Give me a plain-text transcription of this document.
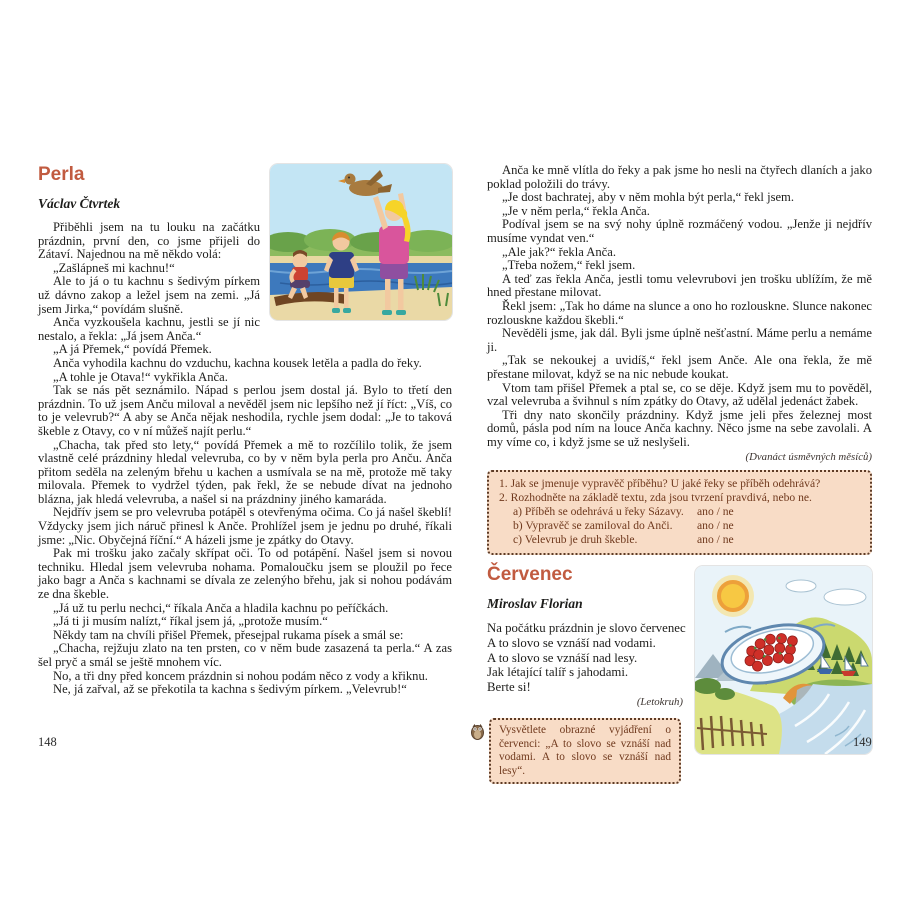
Perla
Václav Čtvrtek

Přiběhli jsem na tu louku na začátku prázdnin, první den, co jsme přijeli do Zátaví. Najednou na mě někdo volá:

„Zašlápneš mi kachnu!“

Ale to já o tu kachnu s šedivým pírkem už dávno zakop a ležel jsem na zemi. „Já jsem Jirka,“ povídám slušně.

Anča vyzkoušela kachnu, jestli se jí nic nestalo, a řekla: „Já jsem Anča.“

„A já Přemek,“ povídá Přemek.

Anča vyhodila kachnu do vzduchu, kachna kousek letěla a padla do řeky.

„A tohle je Otava!“ vykřikla Anča.

Tak se nás pět seznámilo. Nápad s perlou jsem dostal já. Bylo to třetí den prázdnin. To už jsem Anču miloval a nevěděl jsem nic lepšího než jí říct: „Víš, co to je velevrub?“ A aby se Anča nějak neshodila, rychle jsem dodal: „Je to taková škeble z Otavy, co v ní můžeš najít perlu.“

„Chacha, tak před sto lety,“ povídá Přemek a mě to rozčílilo tolik, že jsem vlastně celé prázdniny hledal velevruba, co by v něm byla perla pro Anču. Anča přitom seděla na zeleným břehu u kachen a usmívala se na mě, protože mě taky milovala. Přemek to vydržel týden, pak řekl, že se nebude dívat na jednoho blázna, jak hledá velevruba, a našel si na prázdniny jiného kamaráda.

Nejdřív jsem se pro velevruba potápěl s otevřenýma očima. Co já našel škeblí! Vždycky jsem jich náruč přinesl k Anče. Prohlížel jsem je jednu po druhé, říkali jsme: „Nic. Obyčejná říční.“ A házeli jsme je zpátky do Otavy.

Pak mi trošku jako začaly skřípat oči. To od potápění. Našel jsem si novou techniku. Hledal jsem velevruba nohama. Pomaloučku jsem se ploužil po řece jako bagr a Anča s kachnami se dívala ze zelenýho břehu, jak si nohou podávám ze dna škeble.

„Já už tu perlu nechci,“ říkala Anča a hladila kachnu po peříčkách.

„Já ti ji musím nalízt,“ říkal jsem já, „protože musím.“

Někdy tam na chvíli přišel Přemek, přesejpal rukama písek a smál se:

„Chacha, rejžuju zlato na ten prsten, co v něm bude zasazená ta perla.“ A zas šel pryč a smál se ještě mnohem víc.

No, a tři dny před koncem prázdnin si nohou podám něco z vody a křiknu.

Ne, já zařval, až se překotila ta kachna s šedivým pírkem. „Velevrub!“

Anča ke mně vlítla do řeky a pak jsme ho nesli na čtyřech dlaních a jako poklad položili do trávy.

„Je dost bachratej, aby v něm mohla být perla,“ řekl jsem.

„Je v něm perla,“ řekla Anča.

Podíval jsem se na svý nohy úplně rozmáčený vodou. „Jenže ji nejdřív musíme vyndat ven.“

„Ale jak?“ řekla Anča.

„Třeba nožem,“ řekl jsem.

A teď zas řekla Anča, jestli tomu velevrubovi jen trošku ublížím, že mě hned přestane milovat.

Řekl jsem: „Tak ho dáme na slunce a ono ho rozlouskne. Slunce nakonec rozlouskne každou škebli.“

Nevěděli jsme, jak dál. Byli jsme úplně nešťastní. Máme perlu a nemáme ji.

„Tak se nekoukej a uvidíš,“ řekl jsem Anče. Ale ona řekla, že mě přestane milovat, když se na nic nebude koukat.

Vtom tam přišel Přemek a ptal se, co se děje. Když jsem mu to pověděl, vzal velevruba a švihnul s ním zpátky do Otavy, až udělal jedenáct žabek.

Tři dny nato skončily prázdniny. Když jsme jeli přes železnej most domů, pásla pod ním na louce Anča kachny. Něco jsme na sebe zavolali. A my víme co, i když jsme se už neslyšeli.

(Dvanáct úsměvných měsíců)

1. Jak se jmenuje vypravěč příběhu? U jaké řeky se příběh odehrává?

2. Rozhodněte na základě textu, zda jsou tvrzení pravdivá, nebo ne.

a) Příběh se odehrává u řeky Sázavy.	ano / ne
b) Vypravěč se zamiloval do Anči.	ano / ne
c) Velevrub je druh škeble.	ano / ne
Červenec
Miroslav Florian

Na počátku prázdnin je slovo červenec

A to slovo se vznáší nad vodami.

A to slovo se vznáší nad lesy.

Jak létající talíř s jahodami.

Berte si!

(Letokruh)
Vysvětlete obrazné vyjádření o červenci: „A to slovo se vznáší nad vodami. A to slovo se vznáší nad lesy“.
148	149
